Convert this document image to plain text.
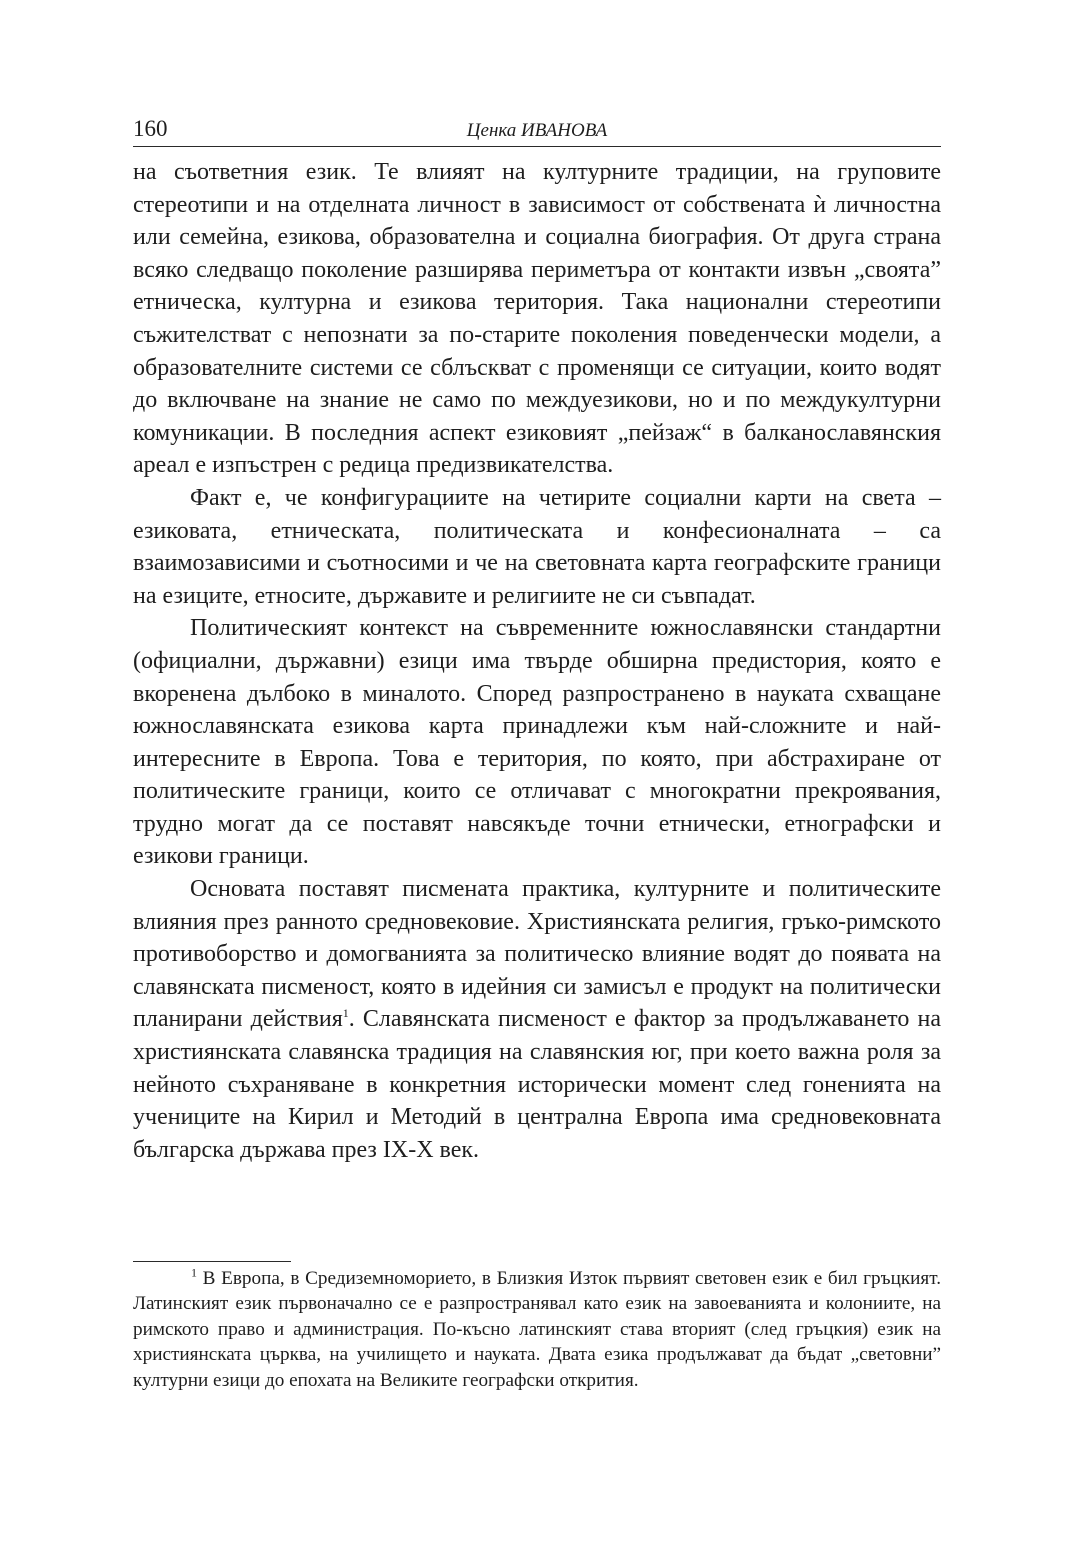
160	Ценка ИВАНОВА

на съответния език. Те влияят на културните традиции, на груповите стереотипи и на отделната личност в зависимост от собствената ѝ личностна или семейна, езикова, образователна и социална биография. От друга страна всяко следващо поколение разширява периметъра от контакти извън „своята” етническа, културна и езикова територия. Така национални стереотипи съжителстват с непознати за по-старите поколения поведенчески модели, а образователните системи се сблъскват с променящи се ситуации, които водят до включване на знание не само по междуезикови, но и по междукултурни комуникации. В последния аспект езиковият „пейзаж“ в балканославянския ареал е изпъстрен с редица предизвикателства.

Факт е, че конфигурациите на четирите социални карти на света – езиковата, етническата, политическата и конфесионалната – са взаимозависими и съотносими и че на световната карта географските граници на езиците, етносите, държавите и религиите не си съвпадат.

Политическият контекст на съвременните южнославянски стандартни (официални, държавни) езици има твърде обширна предистория, която е вкоренена дълбоко в миналото. Според разпространено в науката схващане южнославянската езикова карта принадлежи към най-сложните и най-интересните в Европа. Това е територия, по която, при абстрахиране от политическите граници, които се отличават с многократни прекроявания, трудно могат да се поставят навсякъде точни етнически, етнографски и езикови граници.

Основата поставят писмената практика, културните и политическите влияния през ранното средновековие. Християнската религия, гръко-римското противоборство и домогванията за политическо влияние водят до появата на славянската писменост, която в идейния си замисъл е продукт на политически планирани действия$^1$. Славянската писменост е фактор за продължаването на християнската славянска традиция на славянския юг, при което важна роля за нейното съхраняване в конкретния исторически момент след гоненията на учениците на Кирил и Методий в централна Европа има средновековната българска държава през IX-X век.

$^1$ В Европа, в Средиземноморието, в Близкия Изток първият световен език е бил гръцкият. Латинският език първоначално се е разпространявал като език на завоеванията и колониите, на римското право и администрация. По-късно латинският става вторият (след гръцкия) език на християнската църква, на училището и науката. Двата езика продължават да бъдат „световни” културни езици до епохата на Великите географски открития.
